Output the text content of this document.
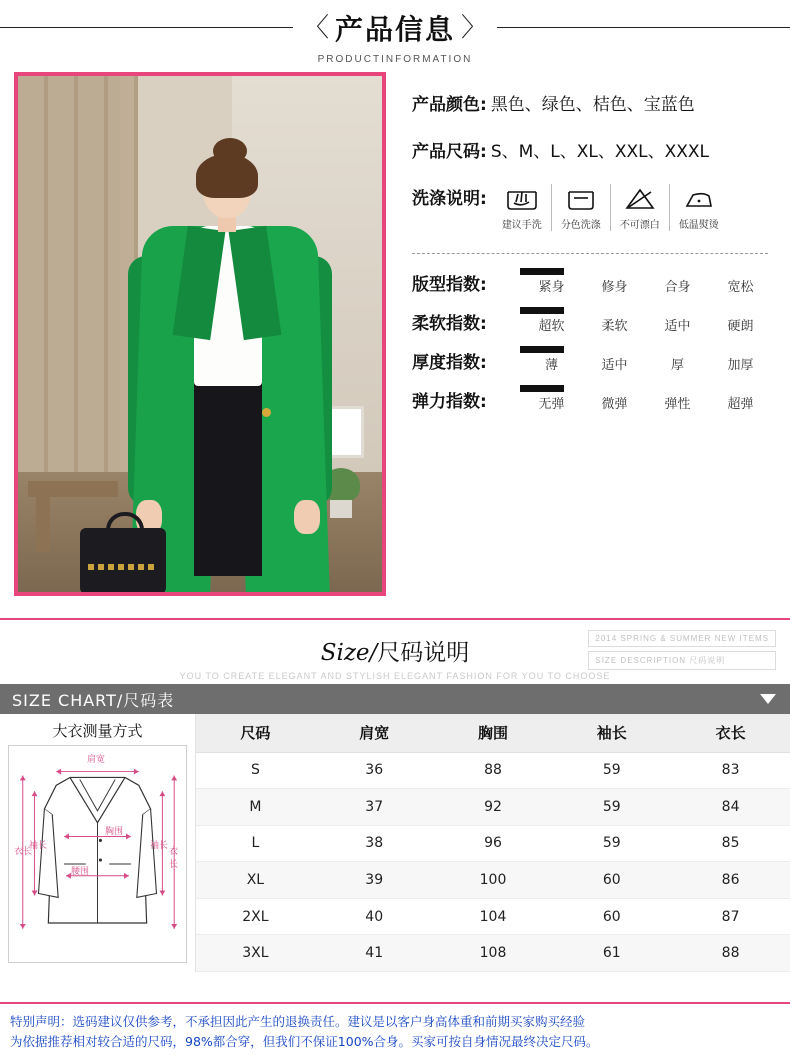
〈 产品信息 〉
PRODUCTINFORMATION
产品颜色: 黑色、绿色、桔色、宝蓝色
产品尺码: S、M、L、XL、XXL、XXXL
洗涤说明:
建议手洗 分色洗涤 不可漂白 低温熨烫
版型指数:	紧身	修身	合身	宽松
柔软指数:	超软	柔软	适中	硬朗
厚度指数:	薄	适中	厚	加厚
弹力指数:	无弹	微弹	弹性	超弹
Size/尺码说明
YOU TO CREATE ELEGANT AND STYLISH ELEGANT FASHION FOR YOU TO CHOOSE
2014 SPRING & SUMMER NEW ITEMS
SIZE DESCRIPTION 尺码说明
SIZE CHART/尺码表
大衣测量方式
肩宽
胸围
腰围
袖长
衣长
袖长
衣长
尺码	肩宽	胸围	袖长	衣长
S	36	88	59	83
M	37	92	59	84
L	38	96	59	85
XL	39	100	60	86
2XL	40	104	60	87
3XL	41	108	61	88
特别声明：选码建议仅供参考，不承担因此产生的退换责任。建议是以客户身高体重和前期买家购买经验
为依据推荐相对较合适的尺码，98%都合穿，但我们不保证100%合身。买家可按自身情况最终决定尺码。
